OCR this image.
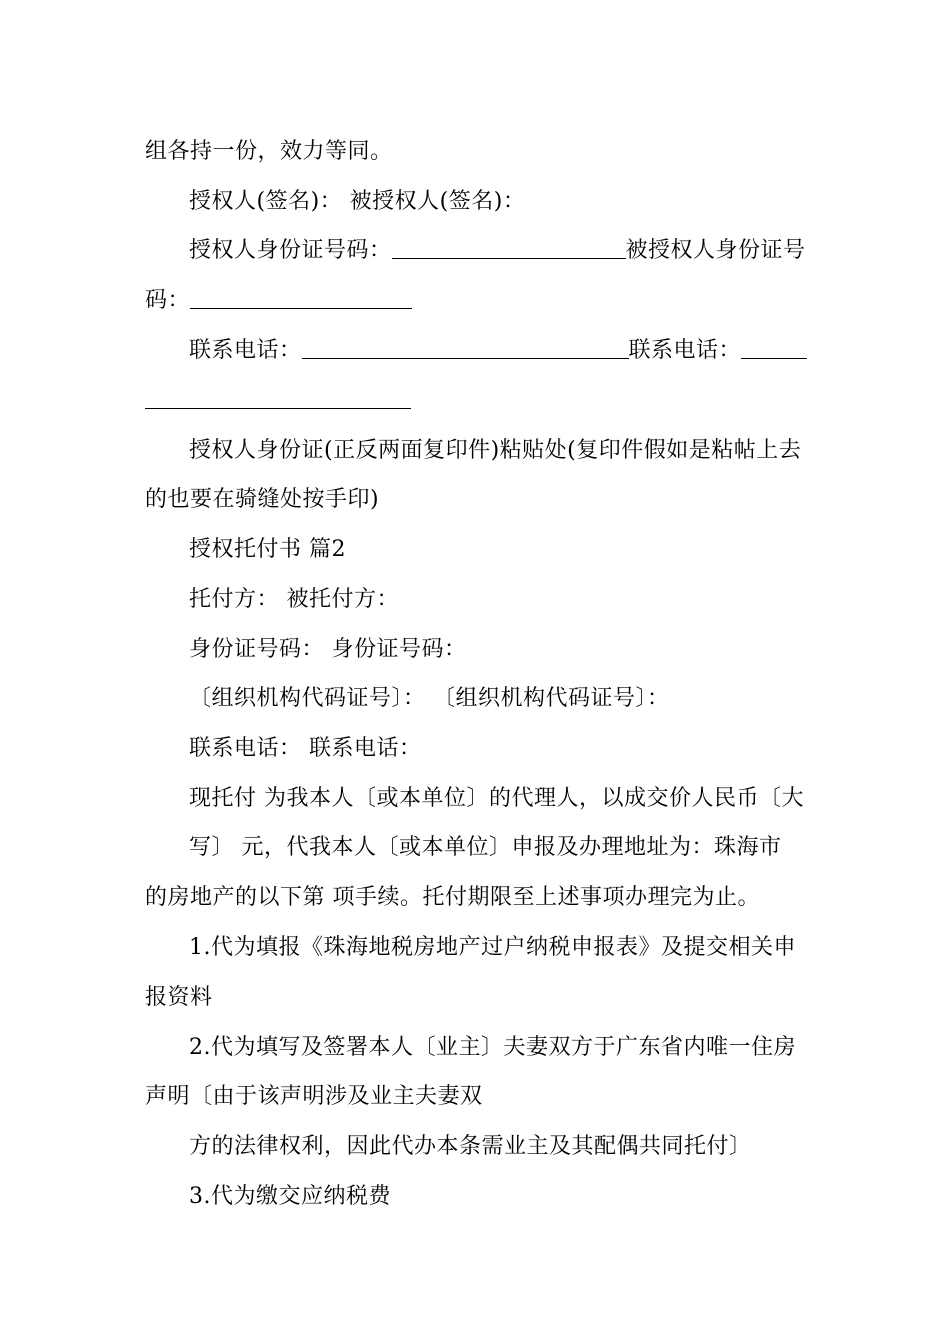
组各持一份，效力等同。
授权人(签名)： 被授权人(签名)：
授权人身份证号码：	被授权人身份证号
码：
联系电话：	联系电话：
授权人身份证(正反两面复印件)粘贴处(复印件假如是粘帖上去
的也要在骑缝处按手印)
授权托付书 篇2
托付方： 被托付方：
身份证号码： 身份证号码：
〔组织机构代码证号〕： 〔组织机构代码证号〕：
联系电话： 联系电话：
现托付 为我本人〔或本单位〕的代理人，以成交价人民币〔大
写〕 元，代我本人〔或本单位〕申报及办理地址为：珠海市
的房地产的以下第 项手续。托付期限至上述事项办理完为止。
1.代为填报《珠海地税房地产过户纳税申报表》及提交相关申
报资料
2.代为填写及签署本人〔业主〕夫妻双方于广东省内唯一住房
声明〔由于该声明涉及业主夫妻双
方的法律权利，因此代办本条需业主及其配偶共同托付〕
3.代为缴交应纳税费
